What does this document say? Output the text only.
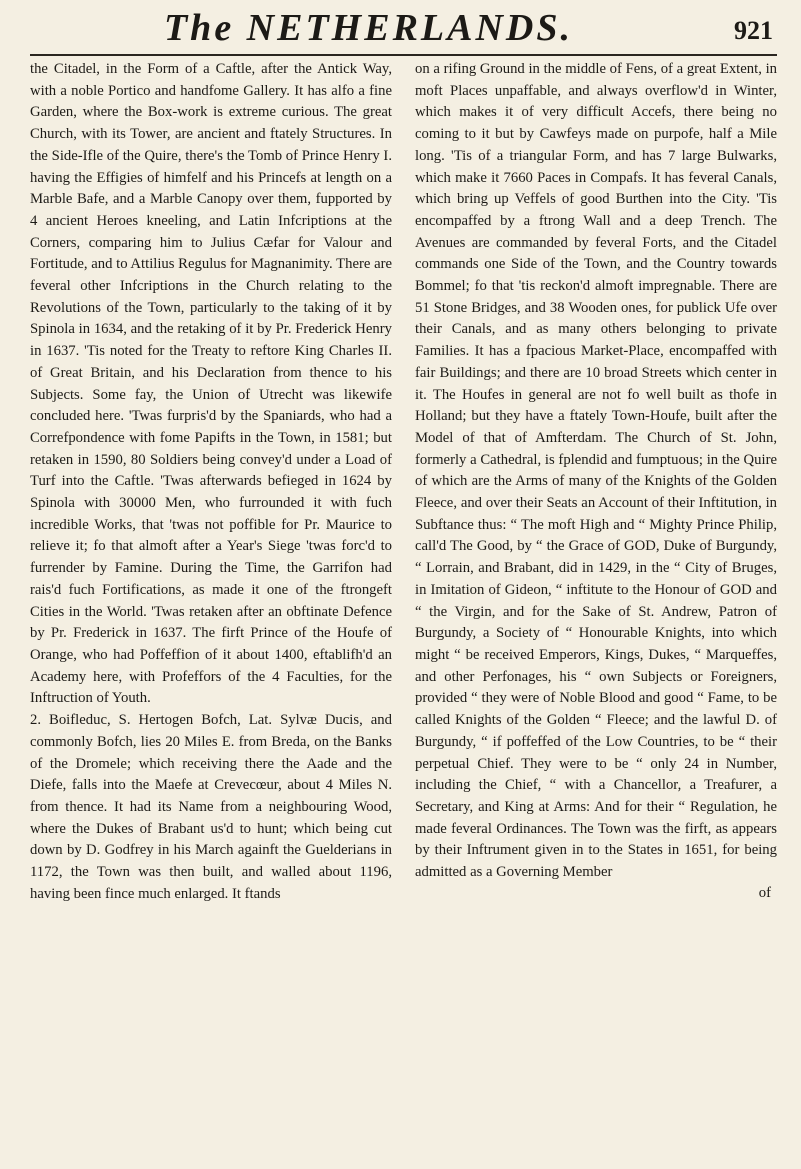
The NETHERLANDS.	921

the Citadel, in the Form of a Caftle, after the Antick Way, with a noble Portico and handfome Gallery. It has alfo a fine Garden, where the Box-work is extreme curious. The great Church, with its Tower, are ancient and ftately Structures. In the Side-Ifle of the Quire, there's the Tomb of Prince Henry I. having the Effigies of himfelf and his Princefs at length on a Marble Bafe, and a Marble Canopy over them, fupported by 4 ancient Heroes kneeling, and Latin Infcriptions at the Corners, comparing him to Julius Cæfar for Valour and Fortitude, and to Attilius Regulus for Magnanimity. There are feveral other Infcriptions in the Church relating to the Revolutions of the Town, particularly to the taking of it by Spinola in 1634, and the retaking of it by Pr. Frederick Henry in 1637. 'Tis noted for the Treaty to reftore King Charles II. of Great Britain, and his Declaration from thence to his Subjects. Some fay, the Union of Utrecht was likewife concluded here. 'Twas furpris'd by the Spaniards, who had a Correfpondence with fome Papifts in the Town, in 1581; but retaken in 1590, 80 Soldiers being convey'd under a Load of Turf into the Caftle. 'Twas afterwards befieged in 1624 by Spinola with 30000 Men, who furrounded it with fuch incredible Works, that 'twas not poffible for Pr. Maurice to relieve it; fo that almoft after a Year's Siege 'twas forc'd to furrender by Famine. During the Time, the Garrifon had rais'd fuch Fortifications, as made it one of the ftrongeft Cities in the World. 'Twas retaken after an obftinate Defence by Pr. Frederick in 1637. The firft Prince of the Houfe of Orange, who had Poffeffion of it about 1400, eftablifh'd an Academy here, with Profeffors of the 4 Faculties, for the Inftruction of Youth.

2. Boifleduc, S. Hertogen Bofch, Lat. Sylvæ Ducis, and commonly Bofch, lies 20 Miles E. from Breda, on the Banks of the Dromele; which receiving there the Aade and the Diefe, falls into the Maefe at Crevecœur, about 4 Miles N. from thence. It had its Name from a neighbouring Wood, where the Dukes of Brabant us'd to hunt; which being cut down by D. Godfrey in his March againft the Guelderians in 1172, the Town was then built, and walled about 1196, having been fince much enlarged. It ftands

on a rifing Ground in the middle of Fens, of a great Extent, in moft Places unpaffable, and always overflow'd in Winter, which makes it of very difficult Accefs, there being no coming to it but by Cawfeys made on purpofe, half a Mile long. 'Tis of a triangular Form, and has 7 large Bulwarks, which make it 7660 Paces in Compafs. It has feveral Canals, which bring up Veffels of good Burthen into the City. 'Tis encompaffed by a ftrong Wall and a deep Trench. The Avenues are commanded by feveral Forts, and the Citadel commands one Side of the Town, and the Country towards Bommel; fo that 'tis reckon'd almoft impregnable. There are 51 Stone Bridges, and 38 Wooden ones, for publick Ufe over their Canals, and as many others belonging to private Families. It has a fpacious Market-Place, encompaffed with fair Buildings; and there are 10 broad Streets which center in it. The Houfes in general are not fo well built as thofe in Holland; but they have a ftately Town-Houfe, built after the Model of that of Amfterdam. The Church of St. John, formerly a Cathedral, is fplendid and fumptuous; in the Quire of which are the Arms of many of the Knights of the Golden Fleece, and over their Seats an Account of their Inftitution, in Subftance thus: “ The moft High and “ Mighty Prince Philip, call'd The Good, by “ the Grace of GOD, Duke of Burgundy, “ Lorrain, and Brabant, did in 1429, in the “ City of Bruges, in Imitation of Gideon, “ inftitute to the Honour of GOD and “ the Virgin, and for the Sake of St. Andrew, Patron of Burgundy, a Society of “ Honourable Knights, into which might “ be received Emperors, Kings, Dukes, “ Marqueffes, and other Perfonages, his “ own Subjects or Foreigners, provided “ they were of Noble Blood and good “ Fame, to be called Knights of the Golden “ Fleece; and the lawful D. of Burgundy, “ if poffeffed of the Low Countries, to be “ their perpetual Chief. They were to be “ only 24 in Number, including the Chief, “ with a Chancellor, a Treafurer, a Secretary, and King at Arms: And for their “ Regulation, he made feveral Ordinances. The Town was the firft, as appears by their Inftrument given in to the States in 1651, for being admitted as a Governing Member

of
